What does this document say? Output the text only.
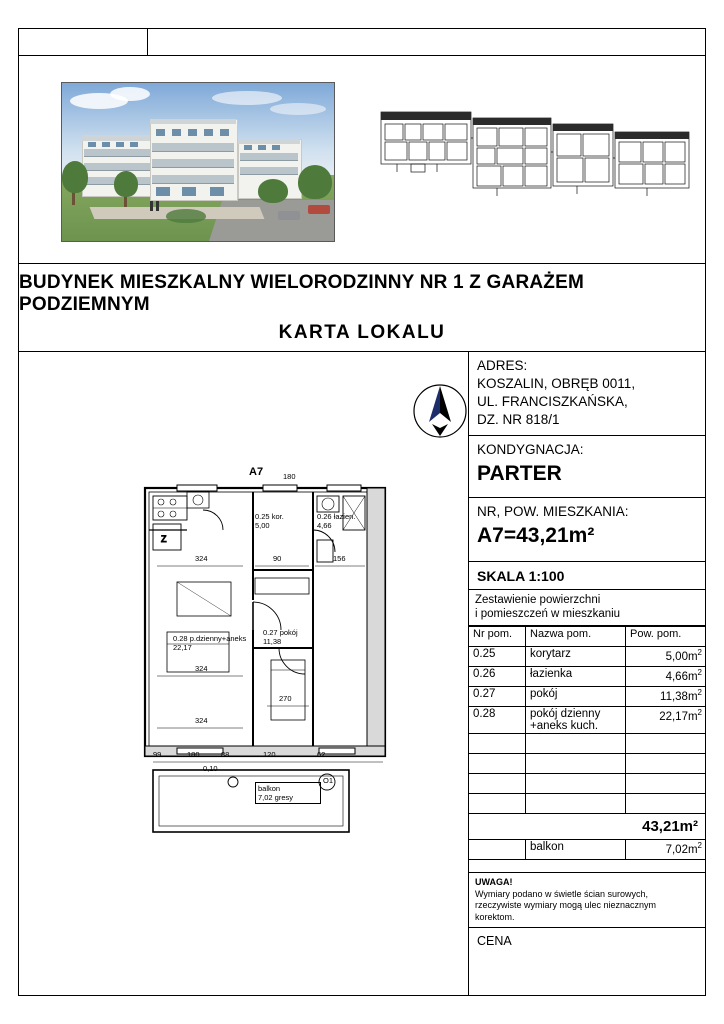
BUDYNEK MIESZKALNY WIELORODZINNY NR 1 Z GARAŻEM PODZIEMNYM
KARTA LOKALU
Z
A7
0.25 kor.
5,00
0.26 łazien.
4,66
0.27 pokój
11,38
0.28 p.dzienny+aneks
22,17
balkon
7,02 gresy
O1
324
324
324
90	156
270
88	120	62
180
180
99
0,10
ADRES:
KOSZALIN, OBRĘB 0011,
UL. FRANCISZKAŃSKA,
DZ. NR 818/1
KONDYGNACJA:
PARTER
NR, POW. MIESZKANIA:
A7=43,21m²
SKALA 1:100
Zestawienie powierzchni
i pomieszczeń w mieszkaniu
Nr pom.	Nazwa pom.	Pow. pom.
0.25	korytarz	$5,00m^2$
0.26	łazienka	$4,66m^2$
0.27	pokój	$11,38m^2$
0.28	pokój dzienny
+aneks kuch.	$22,17m^2$

43,21m²
	balkon	$7,02m^2$
UWAGA!
Wymiary podano w świetle ścian surowych,
rzeczywiste wymiary mogą ulec nieznacznym
korektom.
CENA
